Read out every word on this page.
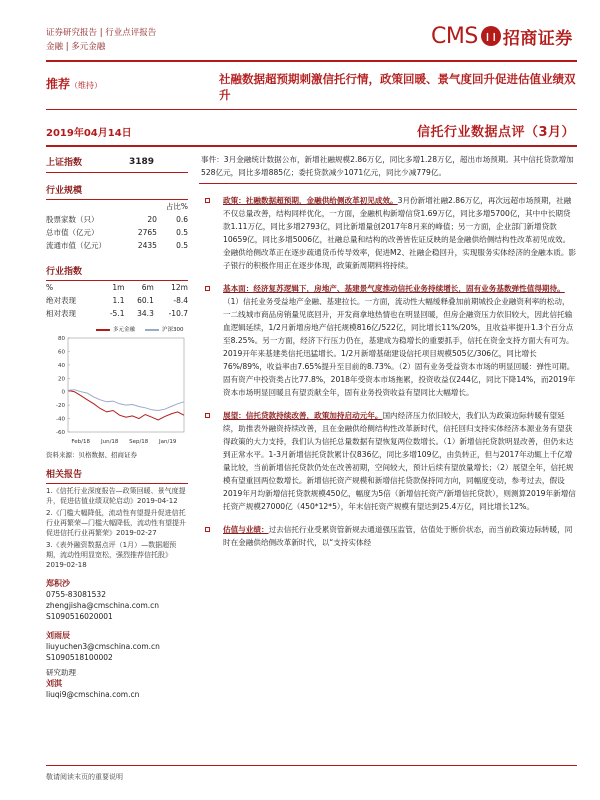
证券研究报告 | 行业点评报告
金融 | 多元金融	CMS ❙❙ 招商证券
推荐（维持）	社融数据超预期刺激信托行情，政策回暖、景气度回升促进估值业绩双升
2019年04月14日	信托行业数据点评（3月）
上证指数	3189
行业规模
		占比%
股票家数（只）	20	0.6
总市值（亿元）	2765	0.5
流通市值（亿元）	2435	0.5
行业指数
%	1m	6m	12m
绝对表现	1.1	60.1	-8.4
相对表现	-5.1	34.3	-10.7
多元金融	沪深300
80
60
40
20
0
-20
-40
-60
Feb/18 Jun/18 Sep/18 Jan/19
资料来源：贝格数据、招商证券
相关报告
1.《信托行业深度报告—政策回暖、景气度提升，促进估值业绩双轮启动》2019-04-12
2.《门槛大幅降低，流动性有望提升促进信托行业再繁荣—门槛大幅降低，流动性有望提升促进信托行业再繁荣》2019-02-27
3.《表外融资数据点评（1月）—数据超预期，流动性明显宽松，强烈推荐信托股》2019-02-18
郑积沙
0755-83081532
zhengjisha@cmschina.com.cn
S1090516020001
刘雨辰
liuyuchen3@cmschina.com.cn
S1090518100002
研究助理
刘淇
liuqi9@cmschina.com.cn
事件：3月金融统计数据公布，新增社融规模2.86万亿，同比多增1.28万亿，超出市场预期。其中信托贷款增加528亿元，同比多增885亿；委托贷款减少1071亿元，同比少减779亿。
政策：社融数据超预期，金融供给侧改革初见成效。3月份新增社融2.86万亿，再次远超市场预期，社融不仅总量改善，结构同样优化，一方面，金融机构新增信贷1.69万亿，同比多增5700亿，其中中长期贷款1.11万亿，同比多增2793亿，同比新增量创2017年8月来的峰值；另一方面，企业部门新增贷款10659亿，同比多增5006亿，社融总量和结构的改善皆佐证反映的是金融供给侧结构性改革初见成效。金融供给侧改革正在逐步疏通货币传导效率，促进M2、社融企稳回升，实现服务实体经济的金融本质。影子银行的积极作用正在逐步体现，政策新周期料将持续。
基本面：经济复苏逻辑下，房地产、基建景气度推动信托业务持续增长，固有业务基数弹性值得期待。（1）信托业务受益地产金融、基建拉长。一方面，流动性大幅缓释叠加前期城投企业融资利率的松动，一二线城市商品房销量见底回升，开发商拿地热情也在明显回暖，但房企融资压力依旧较大，因此信托输血逻辑延续，1/2月新增房地产信托规模816亿/522亿，同比增长11%/20%，且收益率提升1.3个百分点至8.25%。另一方面，经济下行压力仍在，基建成为稳增长的重要抓手，信托在资金支持方面大有可为。2019开年来基建类信托迅猛增长。1/2月新增基础建设信托项目规模505亿/306亿，同比增长76%/89%，收益率由7.65%提升至目前的8.73%。（2）固有业务受益资本市场的明显回暖：弹性可期。固有资产中投资类占比77.8%，2018年受资本市场拖累，投资收益仅244亿，同比下降14%，而2019年资本市场明显回暖且有望贡献全年，固有业务投资收益有望同比大幅增长。
展望：信托贷款持续改善，政策加持启动元年。国内经济压力依旧较大，我们认为政策边际转暖有望延续，助推表外融资持续改善，且在金融供给侧结构性改革新时代，信托回归支持实体经济本源业务有望获得政策的大力支持，我们认为信托总量数据有望恢复两位数增长。（1）新增信托贷款明显改善，但仍未达到正常水平。1-3月新增信托贷款累计仅836亿，同比多增109亿，由负转正，但与2017年动辄上千亿增量比较，当前新增信托贷款仍处在改善初期，空间较大，预计后续有望放量增长；（2）展望全年，信托规模有望重回两位数增长。新增信托资产规模和新增信托贷款保持同方向，同幅度变动，参考过去，假设2019年月均新增信托贷款规模450亿，幅度为5倍（新增信托资产/新增信托贷款），则测算2019年新增信托资产规模27000亿（450*12*5），年末信托资产规模有望达到25.4万亿，同比增长12%。
估值与业绩：过去信托行业受累资管新规去通道强压监管，估值处于断价状态，而当前政策边际转暖，同时在金融供给侧改革新时代，以“支持实体经
敬请阅读末页的重要说明
